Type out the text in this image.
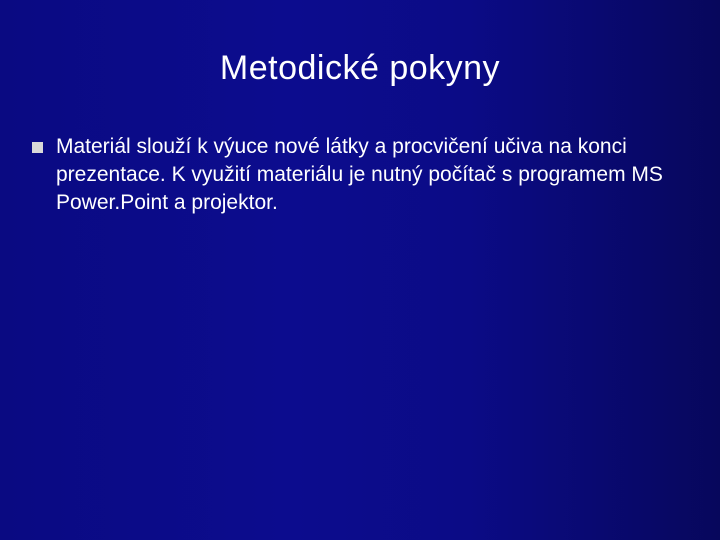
Metodické pokyny
Materiál slouží k výuce nové látky a procvičení učiva na konci prezentace. K využití materiálu je nutný počítač s programem MS Power.Point a projektor.
